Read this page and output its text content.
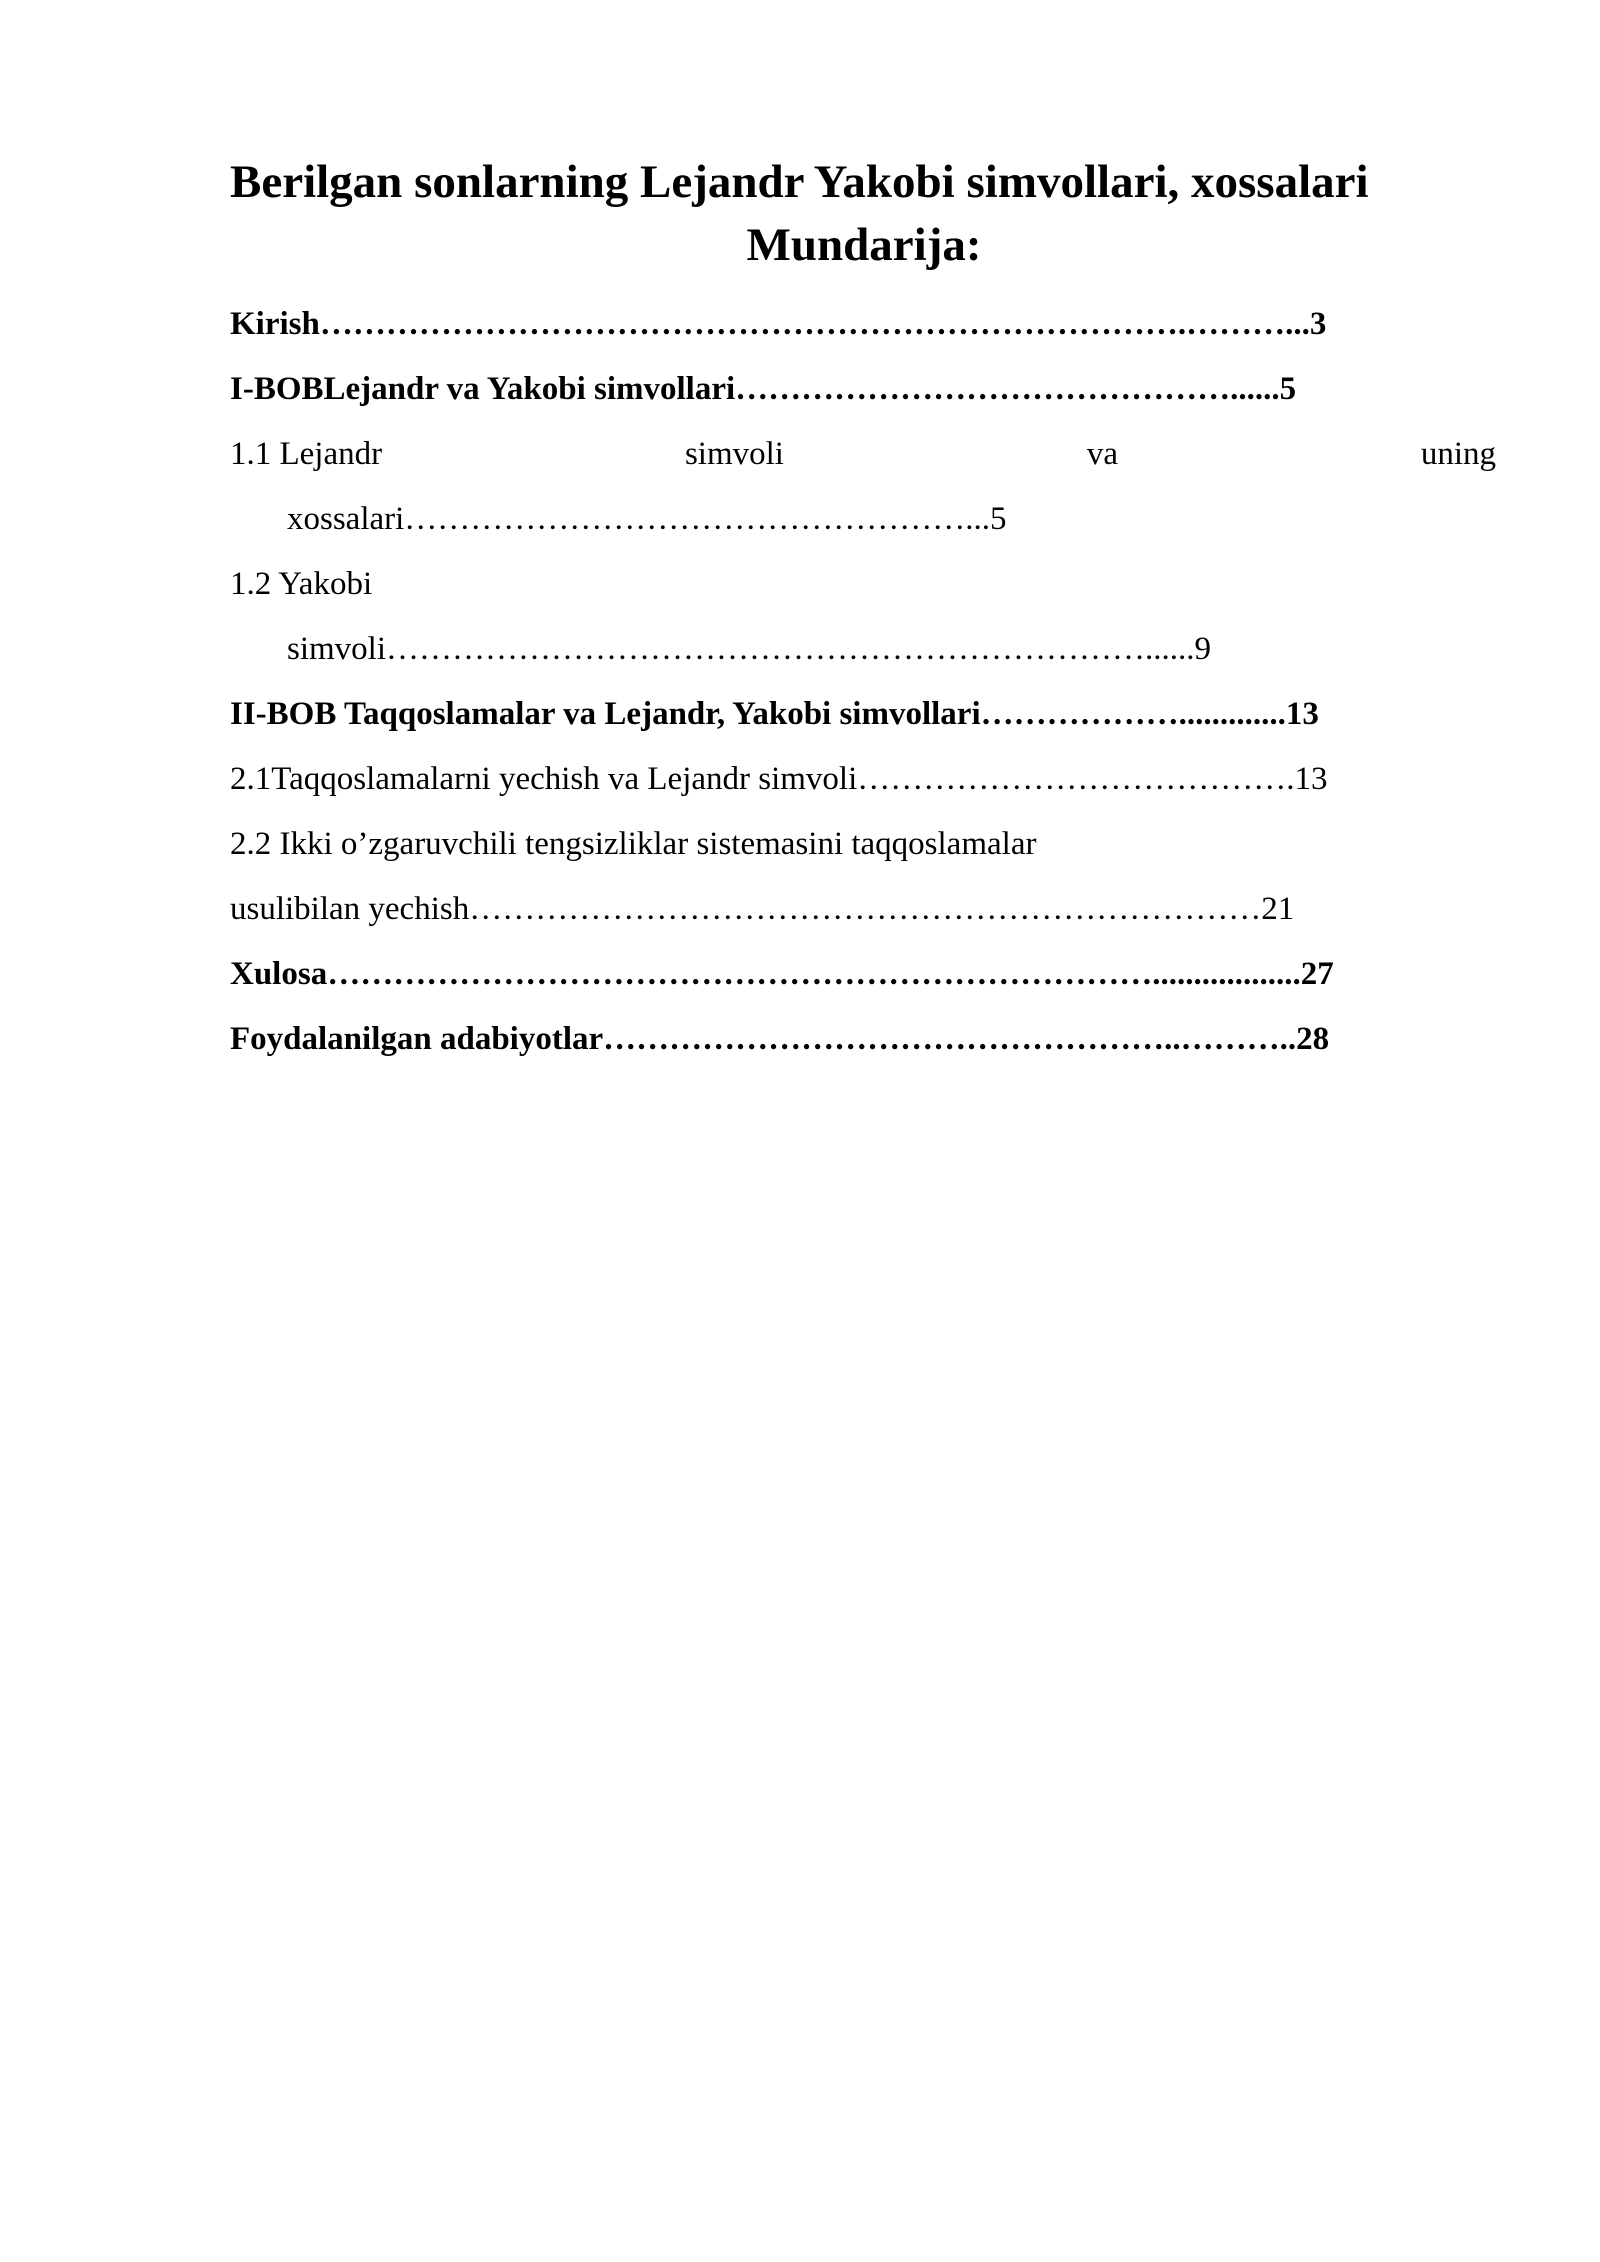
Berilgan sonlarning Lejandr Yakobi simvollari, xossalari
Mundarija:
Kirish…………………………………………………………………….………...3
I-BOBLejandr va Yakobi simvollari………………………………………......5
1.1 Lejandr	simvoli	va	uning
xossalari……………………………………………...5
1.2 Yakobi
simvoli……………………………………………………………......9
II-BOB Taqqoslamalar va Lejandr, Yakobi simvollari……………….............13
2.1Taqqoslamalarni yechish va Lejandr simvoli………………………………….13
2.2 Ikki o’zgaruvchili tengsizliklar sistemasini taqqoslamalar
usulibilan yechish………………………………………………………………21
Xulosa…………………………………………………………………..................27
Foydalanilgan adabiyotlar……………………………………………..………..28
